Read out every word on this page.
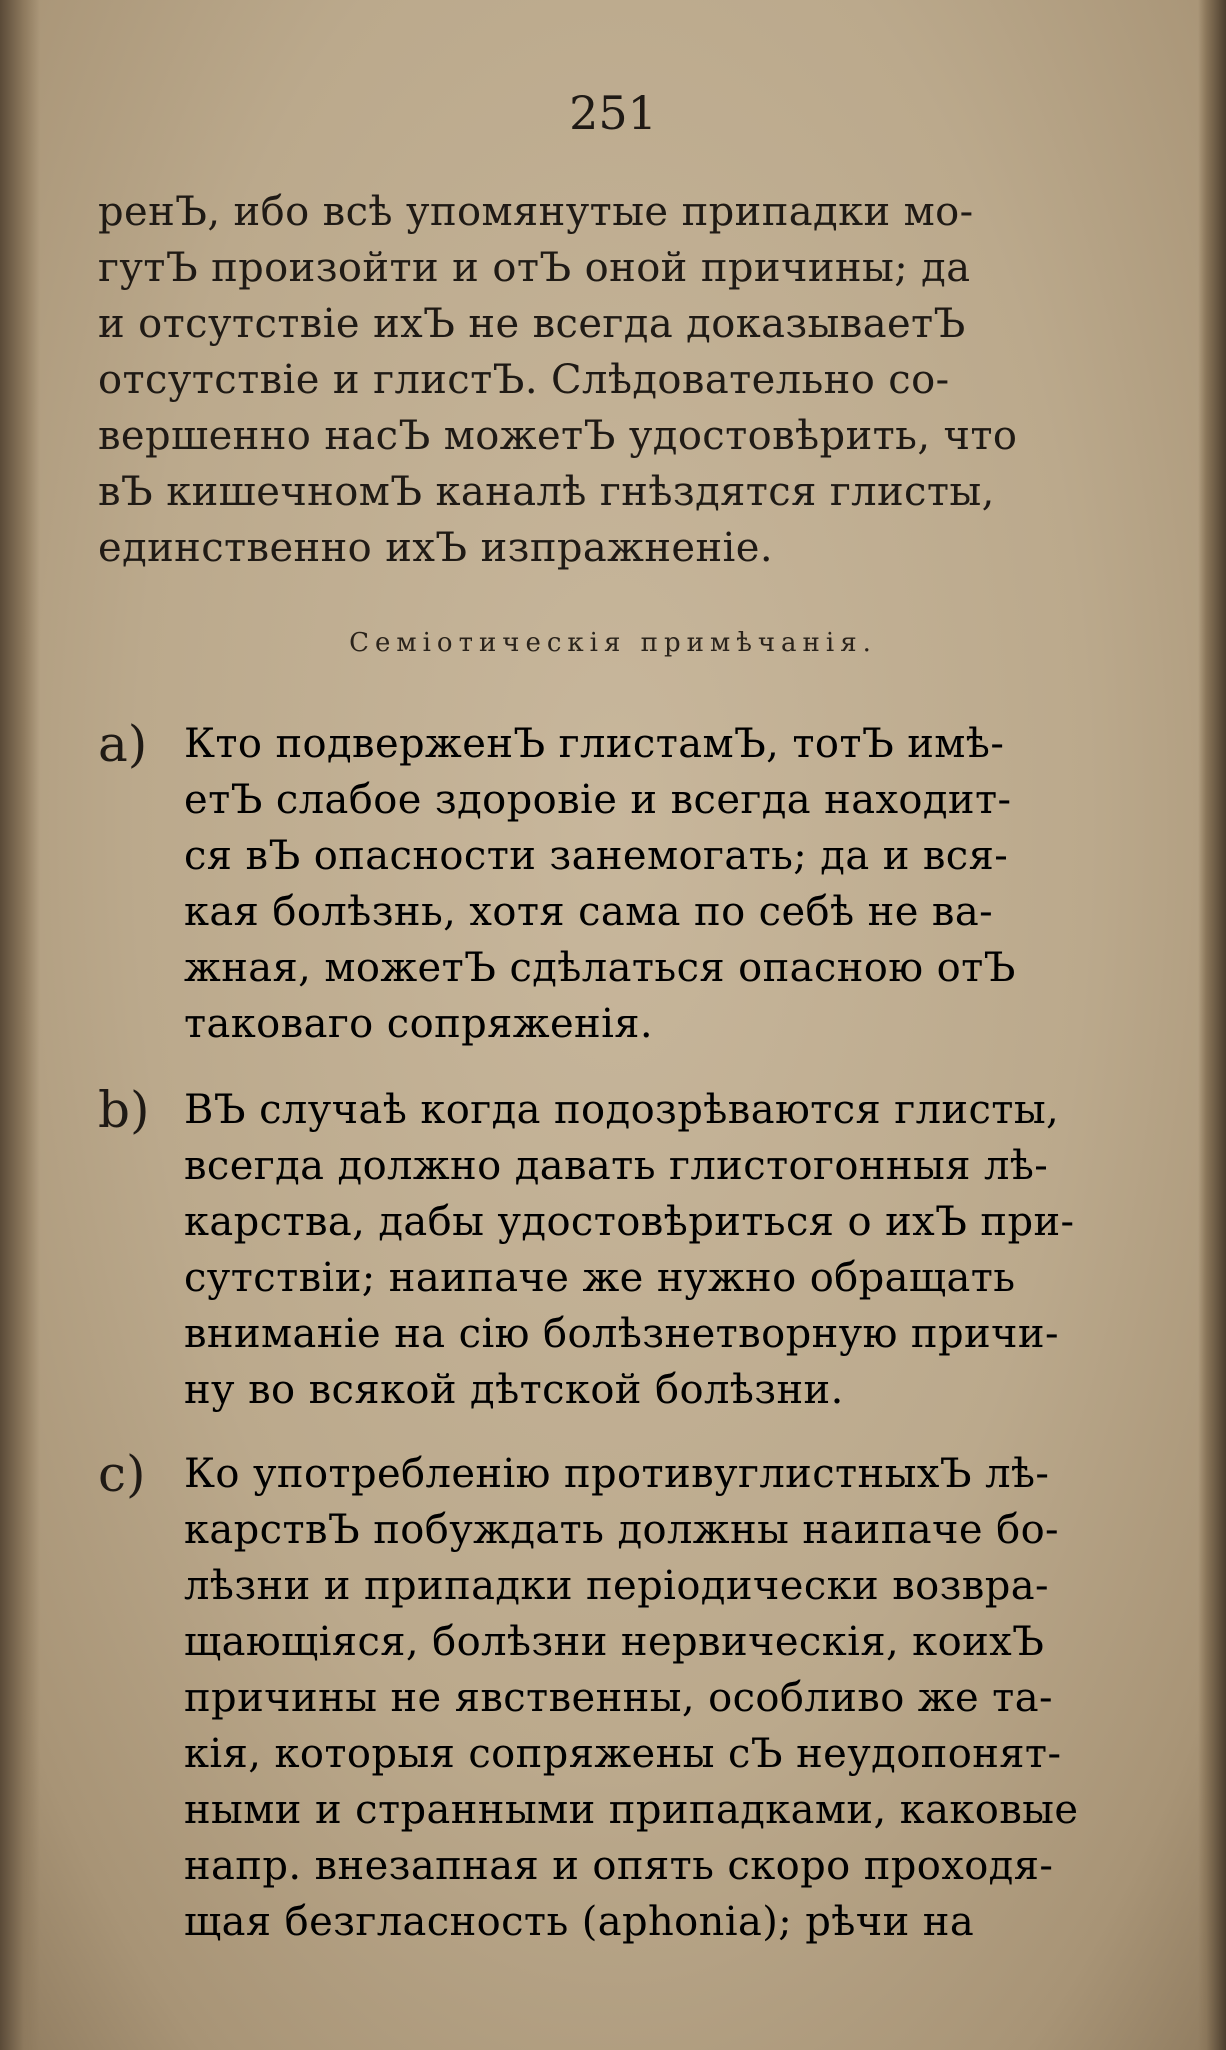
251
ренЪ, ибо всѣ упомянутые припадки мо-
гутЪ произойти и отЪ оной причины; да
и отсутствіе ихЪ не всегда доказываетЪ
отсутствіе и глистЪ. Слѣдовательно со-
вершенно насЪ можетЪ удостовѣрить, что
вЪ кишечномЪ каналѣ гнѣздятся глисты,
единственно ихЪ изпражненіе.
Семіотическія примѣчанія.
a) Кто подверженЪ глистамЪ, тотЪ имѣ-
етЪ слабое здоровіе и всегда находит-
ся вЪ опасности занемогать; да и вся-
кая болѣзнь, хотя сама по себѣ не ва-
жная, можетЪ сдѣлаться опасною отЪ
таковаго сопряженія.
b) ВЪ случаѣ когда подозрѣваются глисты,
всегда должно давать глистогонныя лѣ-
карства, дабы удостовѣриться о ихЪ при-
сутствіи; наипаче же нужно обращать
вниманіе на сію болѣзнетворную причи-
ну во всякой дѣтской болѣзни.
c) Ко употребленію противуглистныхЪ лѣ-
карствЪ побуждать должны наипаче бо-
лѣзни и припадки періодически возвра-
щающіяся, болѣзни нервическія, коихЪ
причины не явственны, особливо же та-
кія, которыя сопряжены сЪ неудопонят-
ными и странными припадками, каковые
напр. внезапная и опять скоро проходя-
щая безгласность (aphonia); рѣчи на
